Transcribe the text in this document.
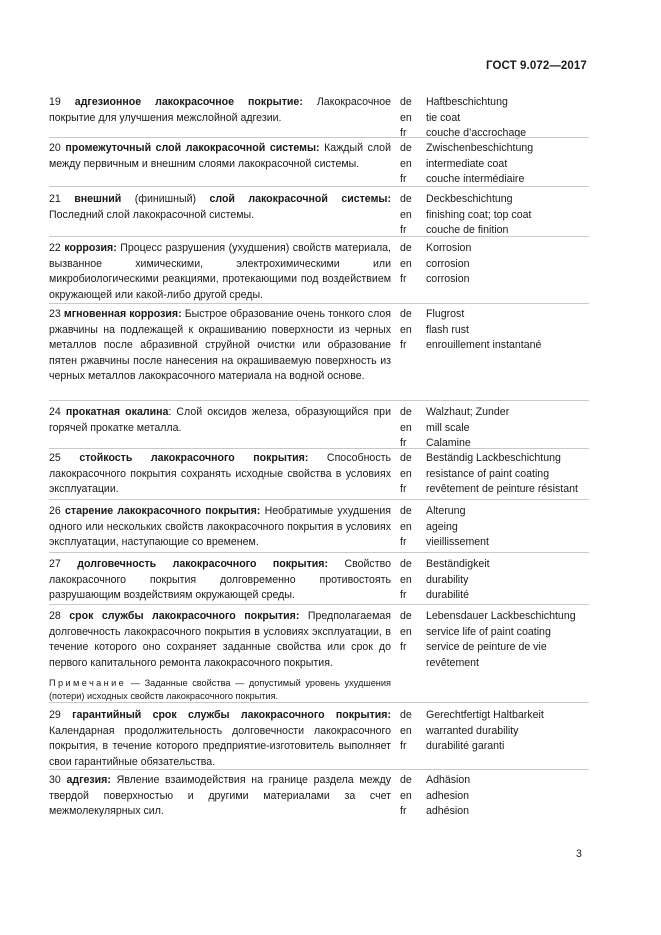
ГОСТ 9.072—2017
19 адгезионное лакокрасочное покрытие: Лакокрасочное покрытие для улучшения межслойной адгезии.
de
en
fr
Haftbeschichtung
tie coat
couche d’accrochage
20 промежуточный слой лакокрасочной системы: Каждый слой между первичным и внешним слоями лакокрасочной системы.
de
en
fr
Zwischenbeschichtung
intermediate coat
couche intermédiaire
21 внешний (финишный) слой лакокрасочной системы: Последний слой лакокрасочной системы.
de
en
fr
Deckbeschichtung
finishing coat; top coat
couche de finition
22 коррозия: Процесс разрушения (ухудшения) свойств материала, вызванное химическими, электрохимическими или микробиологическими реакциями, протекающими под воздействием окружающей или какой-либо другой среды.
de
en
fr
Korrosion
corrosion
corrosion
23 мгновенная коррозия: Быстрое образование очень тонкого слоя ржавчины на подлежащей к окрашиванию поверхности из черных металлов после абразивной струйной очистки или образование пятен ржавчины после нанесения на окрашиваемую поверхность из черных металлов лакокрасочного материала на водной основе.
de
en
fr
Flugrost
flash rust
enrouillement instantané
24 прокатная окалина: Слой оксидов железа, образующийся при горячей прокатке металла.
de
en
fr
Walzhaut; Zunder
mill scale
Calamine
25 стойкость лакокрасочного покрытия: Способность лакокрасочного покрытия сохранять исходные свойства в условиях эксплуатации.
de
en
fr
Beständig Lackbeschichtung
resistance of paint coating
revêtement de peinture résistant
26 старение лакокрасочного покрытия: Необратимые ухудшения одного или нескольких свойств лакокрасочного покрытия в условиях эксплуатации, наступающие со временем.
de
en
fr
Alterung
ageing
vieillissement
27 долговечность лакокрасочного покрытия: Свойство лакокрасочного покрытия долговременно противостоять разрушающим воздействиям окружающей среды.
de
en
fr
Beständigkeit
durability
durabilité
28 срок службы лакокрасочного покрытия: Предполагаемая долговечность лакокрасочного покрытия в условиях эксплуатации, в течение которого оно сохраняет заданные свойства или срок до первого капитального ремонта лакокрасочного покрытия.
Примечание — Заданные свойства — допустимый уровень ухудшения (потери) исходных свойств лакокрасочного покрытия.
de
en
fr
Lebensdauer Lackbeschichtung
service life of paint coating
service de peinture de vie revêtement
29 гарантийный срок службы лакокрасочного покрытия: Календарная продолжительность долговечности лакокрасочного покрытия, в течение которого предприятие-изготовитель выполняет свои гарантийные обязательства.
de
en
fr
Gerechtfertigt Haltbarkeit
warranted durability
durabilité garanti
30 адгезия: Явление взаимодействия на границе раздела между твердой поверхностью и другими материалами за счет межмолекулярных сил.
de
en
fr
Adhäsion
adhesion
adhésion
3
